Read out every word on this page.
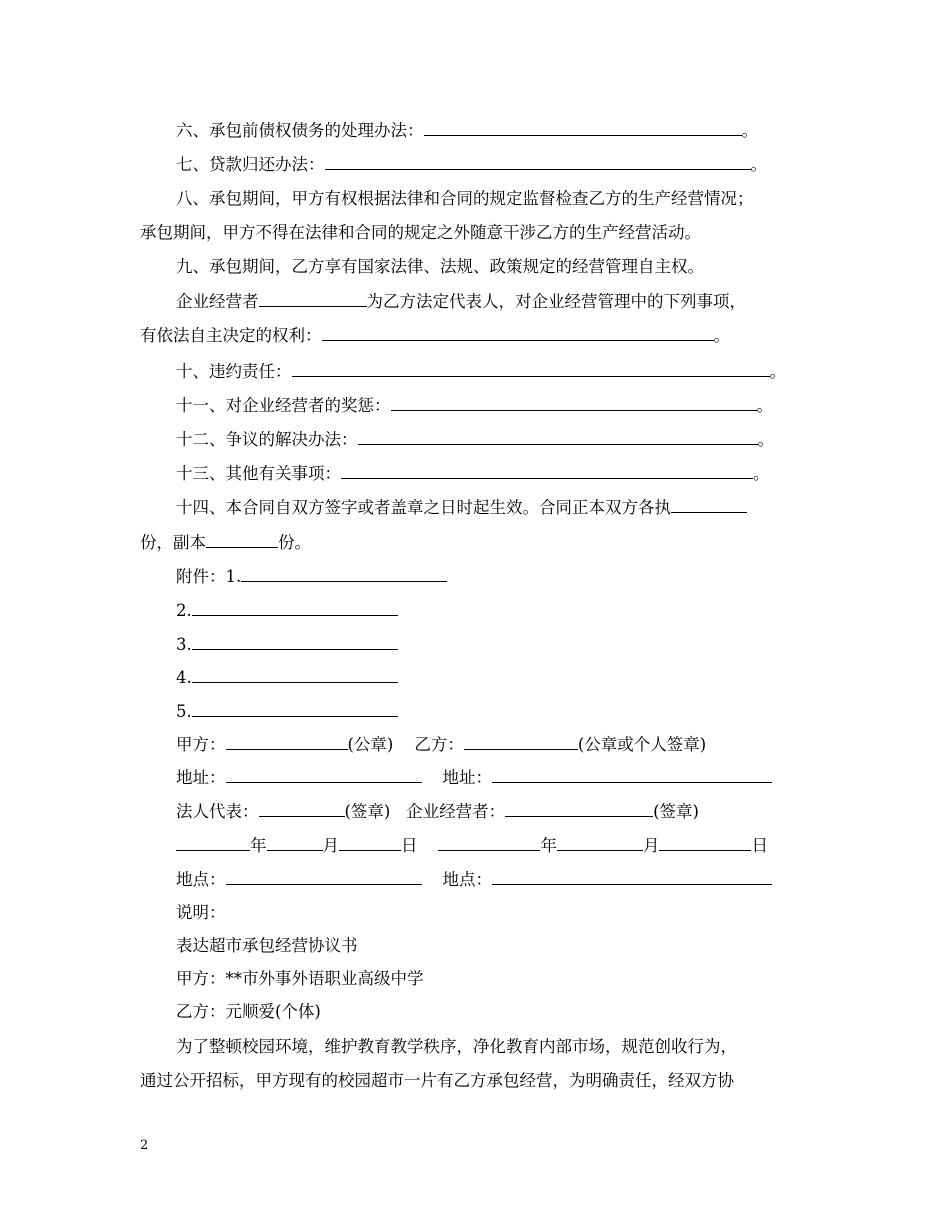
六、承包前债权债务的处理办法：	。
七、贷款归还办法：	。
八、承包期间，甲方有权根据法律和合同的规定监督检查乙方的生产经营情况；
承包期间，甲方不得在法律和合同的规定之外随意干涉乙方的生产经营活动。
九、承包期间，乙方享有国家法律、法规、政策规定的经营管理自主权。
企业经营者	为乙方法定代表人，对企业经营管理中的下列事项，
有依法自主决定的权利：	。
十、违约责任：	。
十一、对企业经营者的奖惩：	。
十二、争议的解决办法：	。
十三、其他有关事项：	。
十四、本合同自双方签字或者盖章之日时起生效。合同正本双方各执
份，副本	份。
附件：1.
2.
3.
4.
5.
甲方：	(公章) 乙方：	(公章或个人签章)
地址：	地址：
法人代表：	(签章) 企业经营者：	(签章)
年	月	日	年	月	日
地点：	地点：
说明：
表达超市承包经营协议书
甲方：**市外事外语职业高级中学
乙方：元顺爱(个体)
为了整顿校园环境，维护教育教学秩序，净化教育内部市场，规范创收行为，
通过公开招标，甲方现有的校园超市一片有乙方承包经营，为明确责任，经双方协
2
